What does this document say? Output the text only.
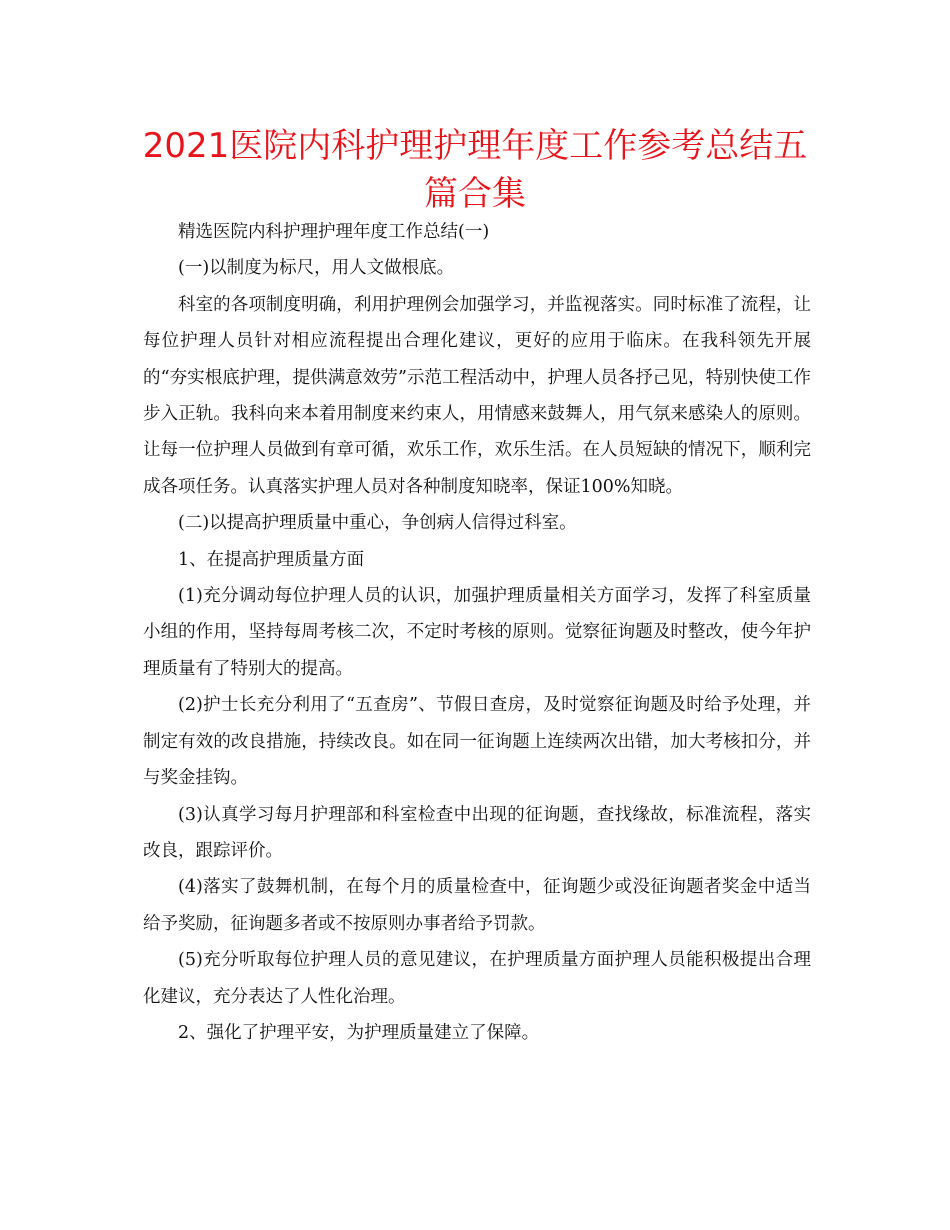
2021医院内科护理护理年度工作参考总结五篇合集

精选医院内科护理护理年度工作总结(一)

(一)以制度为标尺，用人文做根底。

科室的各项制度明确，利用护理例会加强学习，并监视落实。同时标准了流程，让每位护理人员针对相应流程提出合理化建议，更好的应用于临床。在我科领先开展的“夯实根底护理，提供满意效劳”示范工程活动中，护理人员各抒己见，特别快使工作步入正轨。我科向来本着用制度来约束人，用情感来鼓舞人，用气氛来感染人的原则。让每一位护理人员做到有章可循，欢乐工作，欢乐生活。在人员短缺的情况下，顺利完成各项任务。认真落实护理人员对各种制度知晓率，保证100%知晓。

(二)以提高护理质量中重心，争创病人信得过科室。

1、在提高护理质量方面

(1)充分调动每位护理人员的认识，加强护理质量相关方面学习，发挥了科室质量小组的作用，坚持每周考核二次，不定时考核的原则。觉察征询题及时整改，使今年护理质量有了特别大的提高。

(2)护士长充分利用了“五查房”、节假日查房，及时觉察征询题及时给予处理，并制定有效的改良措施，持续改良。如在同一征询题上连续两次出错，加大考核扣分，并与奖金挂钩。

(3)认真学习每月护理部和科室检查中出现的征询题，查找缘故，标准流程，落实改良，跟踪评价。

(4)落实了鼓舞机制，在每个月的质量检查中，征询题少或没征询题者奖金中适当给予奖励，征询题多者或不按原则办事者给予罚款。

(5)充分听取每位护理人员的意见建议，在护理质量方面护理人员能积极提出合理化建议，充分表达了人性化治理。

2、强化了护理平安，为护理质量建立了保障。
